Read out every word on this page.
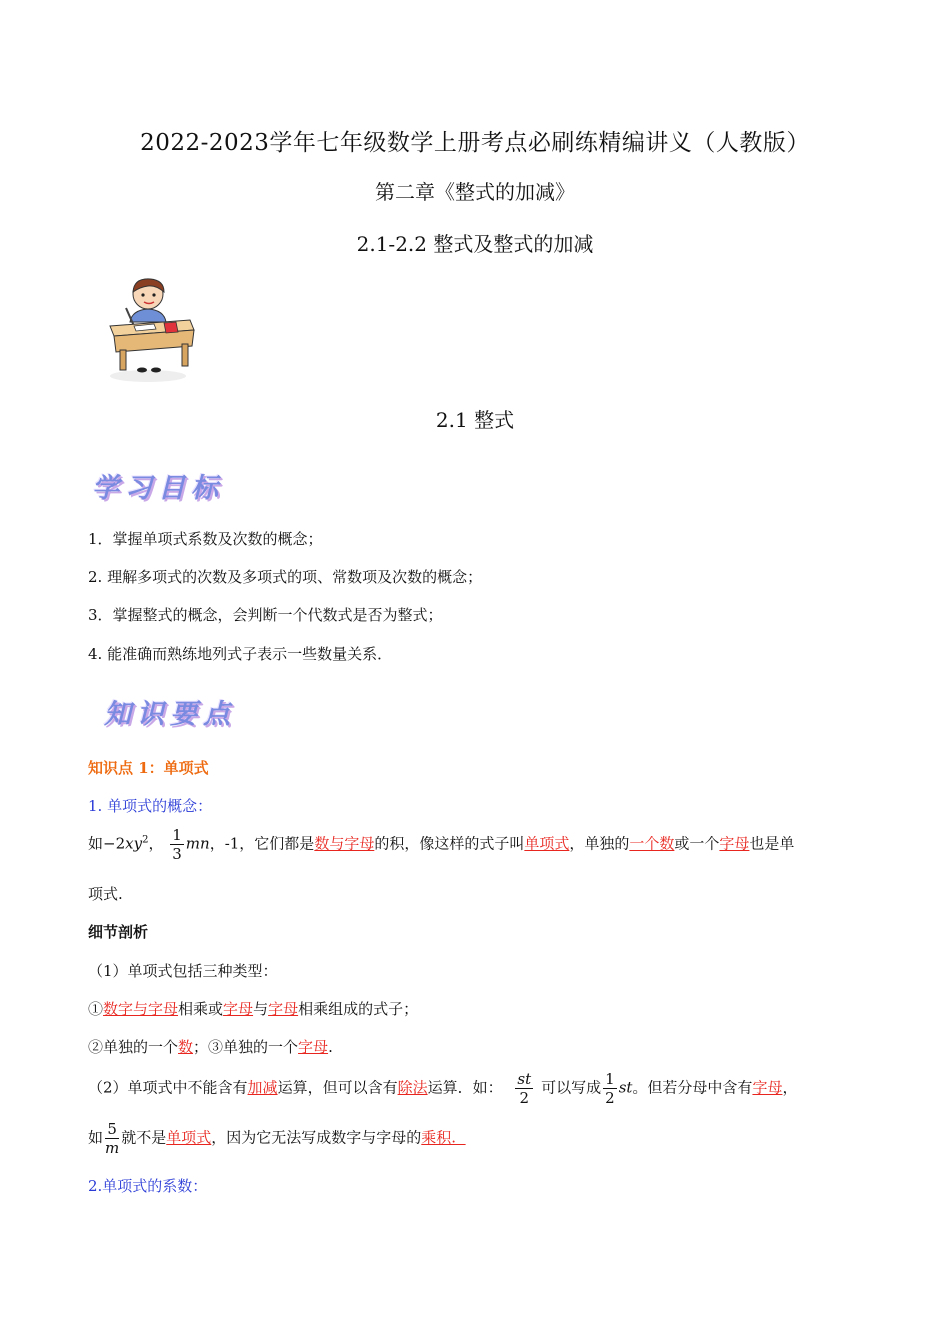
2022-2023学年七年级数学上册考点必刷练精编讲义（人教版）
第二章《整式的加减》
2.1-2.2 整式及整式的加减
2.1 整式
学习目标
1．掌握单项式系数及次数的概念；
2. 理解多项式的次数及多项式的项、常数项及次数的概念；
3．掌握整式的概念，会判断一个代数式是否为整式；
4. 能准确而熟练地列式子表示一些数量关系．
知识要点
知识点 1：单项式
1. 单项式的概念：
如$-2xy^2$， $\frac{1}{3}$ mn，-1，它们都是数与字母的积，像这样的式子叫单项式，单独的一个数或一个字母也是单
项式.
细节剖析
（1）单项式包括三种类型：
①数字与字母相乘或字母与字母相乘组成的式子；
②单独的一个数；③单独的一个字母.
（2）单项式中不能含有加减运算，但可以含有除法运算．如： $\frac{st}{2}$ 可以写成 $\frac{1}{2}$ st。但若分母中含有字母，
如 $\frac{5}{m}$ 就不是单项式，因为它无法写成数字与字母的乘积.
2.单项式的系数：
